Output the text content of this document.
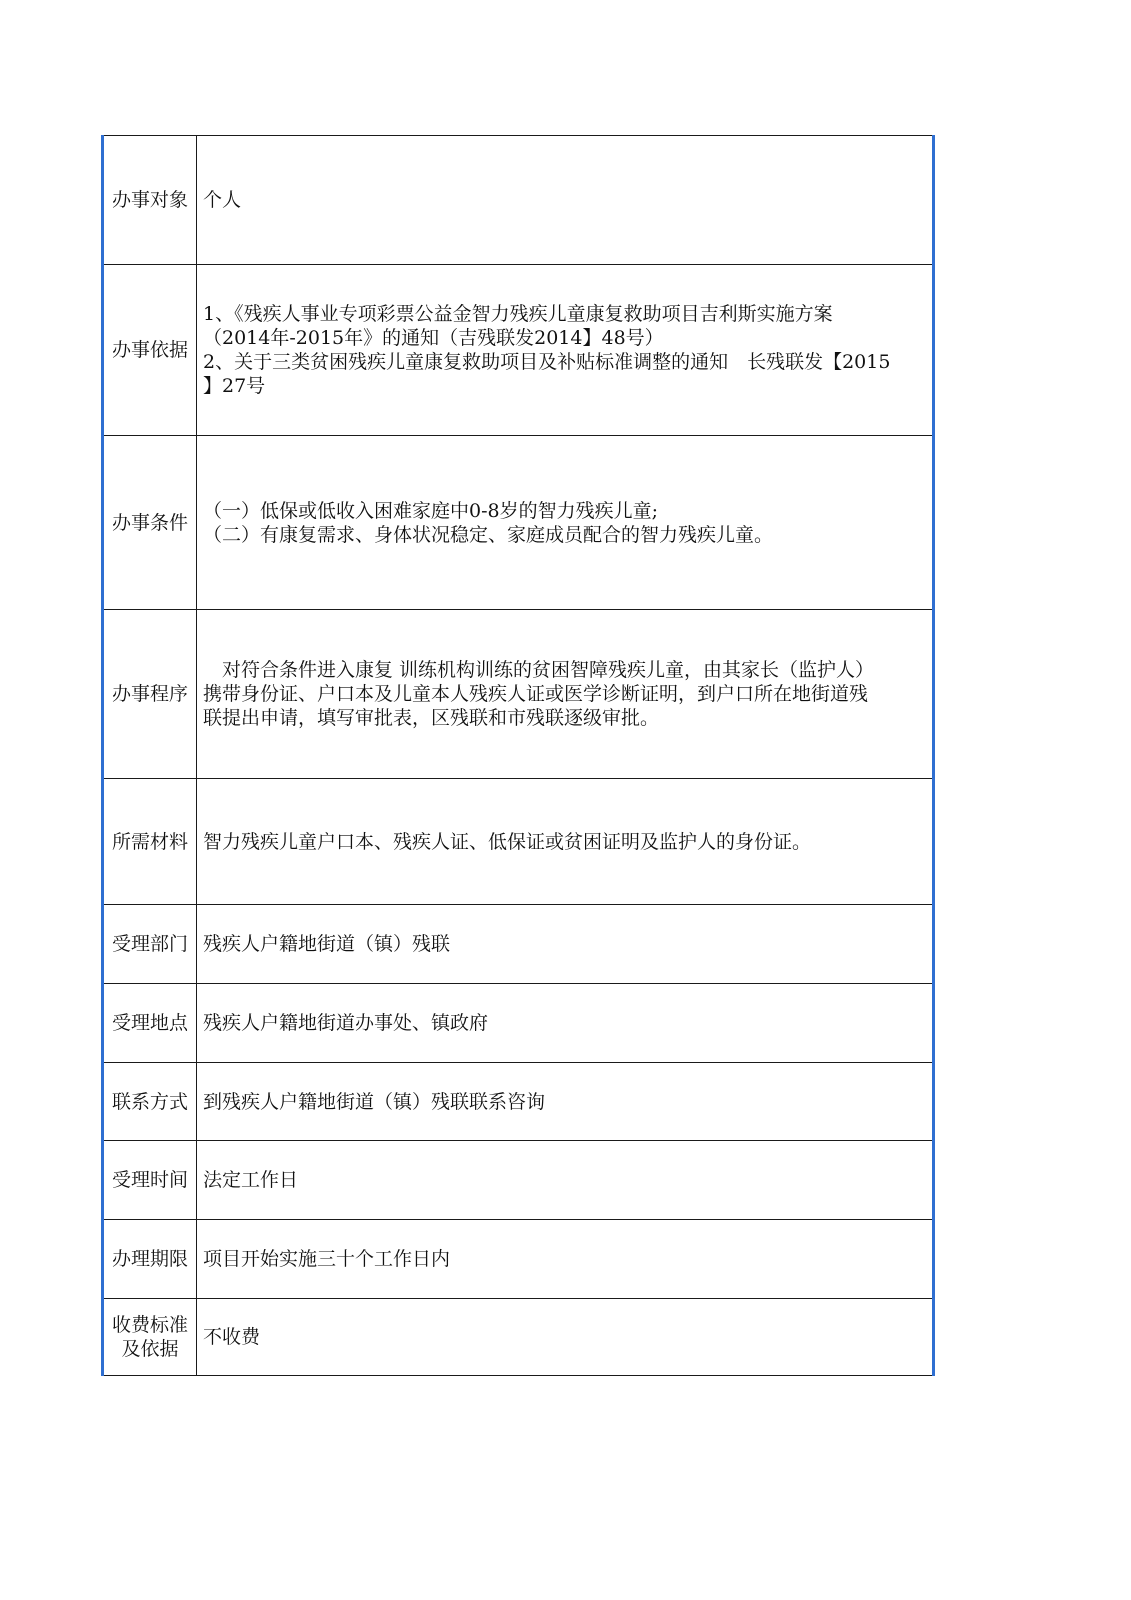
办事对象	个人

办事依据	1、《残疾人事业专项彩票公益金智力残疾儿童康复救助项目吉利斯实施方案
（2014年-2015年》的通知（吉残联发2014】48号）
2、关于三类贫困残疾儿童康复救助项目及补贴标准调整的通知　长残联发【2015
】27号

办事条件	（一）低保或低收入困难家庭中0-8岁的智力残疾儿童;
（二）有康复需求、身体状况稳定、家庭成员配合的智力残疾儿童。

办事程序	　对符合条件进入康复 训练机构训练的贫困智障残疾儿童，由其家长（监护人）
携带身份证、户口本及儿童本人残疾人证或医学诊断证明，到户口所在地街道残
联提出申请，填写审批表，区残联和市残联逐级审批。

所需材料	智力残疾儿童户口本、残疾人证、低保证或贫困证明及监护人的身份证。

受理部门	残疾人户籍地街道（镇）残联

受理地点	残疾人户籍地街道办事处、镇政府

联系方式	到残疾人户籍地街道（镇）残联联系咨询

受理时间	法定工作日

办理期限	项目开始实施三十个工作日内

收费标准
及依据	不收费
